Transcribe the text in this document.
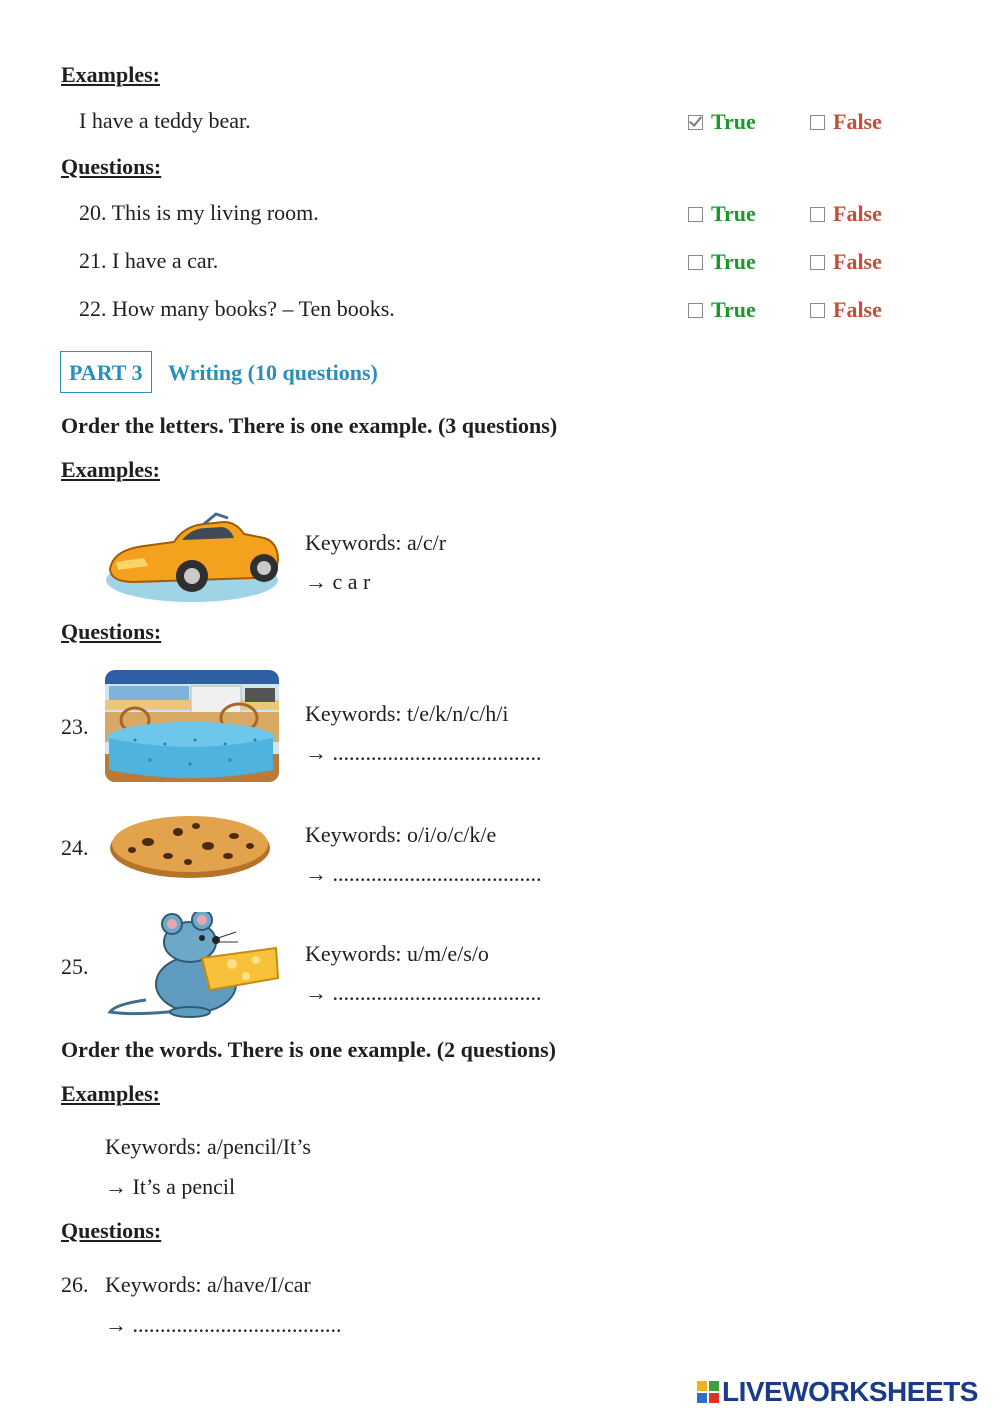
Examples:
I have a teddy bear.	True	False
Questions:
20. This is my living room.	True	False
21. I have a car.	True	False
22. How many books? – Ten books.	True	False
PART 3	Writing (10 questions)
Order the letters. There is one example. (3 questions)
Examples:
Keywords: a/c/r
→ c a r
Questions:
23.
Keywords: t/e/k/n/c/h/i
→ ......................................
24.
Keywords: o/i/o/c/k/e
→ ......................................
25.
Keywords: u/m/e/s/o
→ ......................................
Order the words. There is one example. (2 questions)
Examples:
Keywords: a/pencil/It’s
→ It’s a pencil
Questions:
26. Keywords: a/have/I/car
→ ......................................
LIVEWORKSHEETS
